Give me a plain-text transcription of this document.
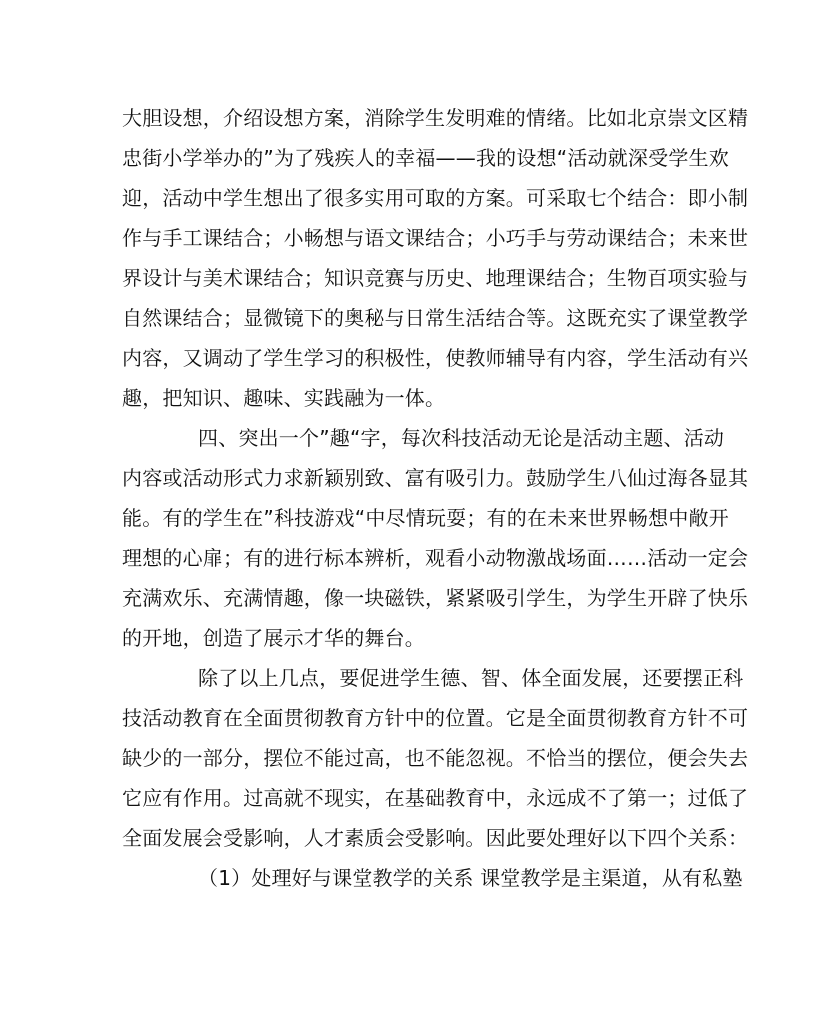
大胆设想，介绍设想方案，消除学生发明难的情绪。比如北京崇文区精
忠街小学举办的”为了残疾人的幸福——我的设想“活动就深受学生欢
迎，活动中学生想出了很多实用可取的方案。可采取七个结合：即小制
作与手工课结合；小畅想与语文课结合；小巧手与劳动课结合；未来世
界设计与美术课结合；知识竞赛与历史、地理课结合；生物百项实验与
自然课结合；显微镜下的奥秘与日常生活结合等。这既充实了课堂教学
内容，又调动了学生学习的积极性，使教师辅导有内容，学生活动有兴
趣，把知识、趣味、实践融为一体。
四、突出一个”趣“字，每次科技活动无论是活动主题、活动
内容或活动形式力求新颖别致、富有吸引力。鼓励学生八仙过海各显其
能。有的学生在”科技游戏“中尽情玩耍；有的在未来世界畅想中敞开
理想的心扉；有的进行标本辨析，观看小动物激战场面……活动一定会
充满欢乐、充满情趣，像一块磁铁，紧紧吸引学生，为学生开辟了快乐
的开地，创造了展示才华的舞台。
除了以上几点，要促进学生德、智、体全面发展，还要摆正科
技活动教育在全面贯彻教育方针中的位置。它是全面贯彻教育方针不可
缺少的一部分，摆位不能过高，也不能忽视。不恰当的摆位，便会失去
它应有作用。过高就不现实，在基础教育中，永远成不了第一；过低了
全面发展会受影响，人才素质会受影响。因此要处理好以下四个关系：
（1）处理好与课堂教学的关系 课堂教学是主渠道，从有私塾
